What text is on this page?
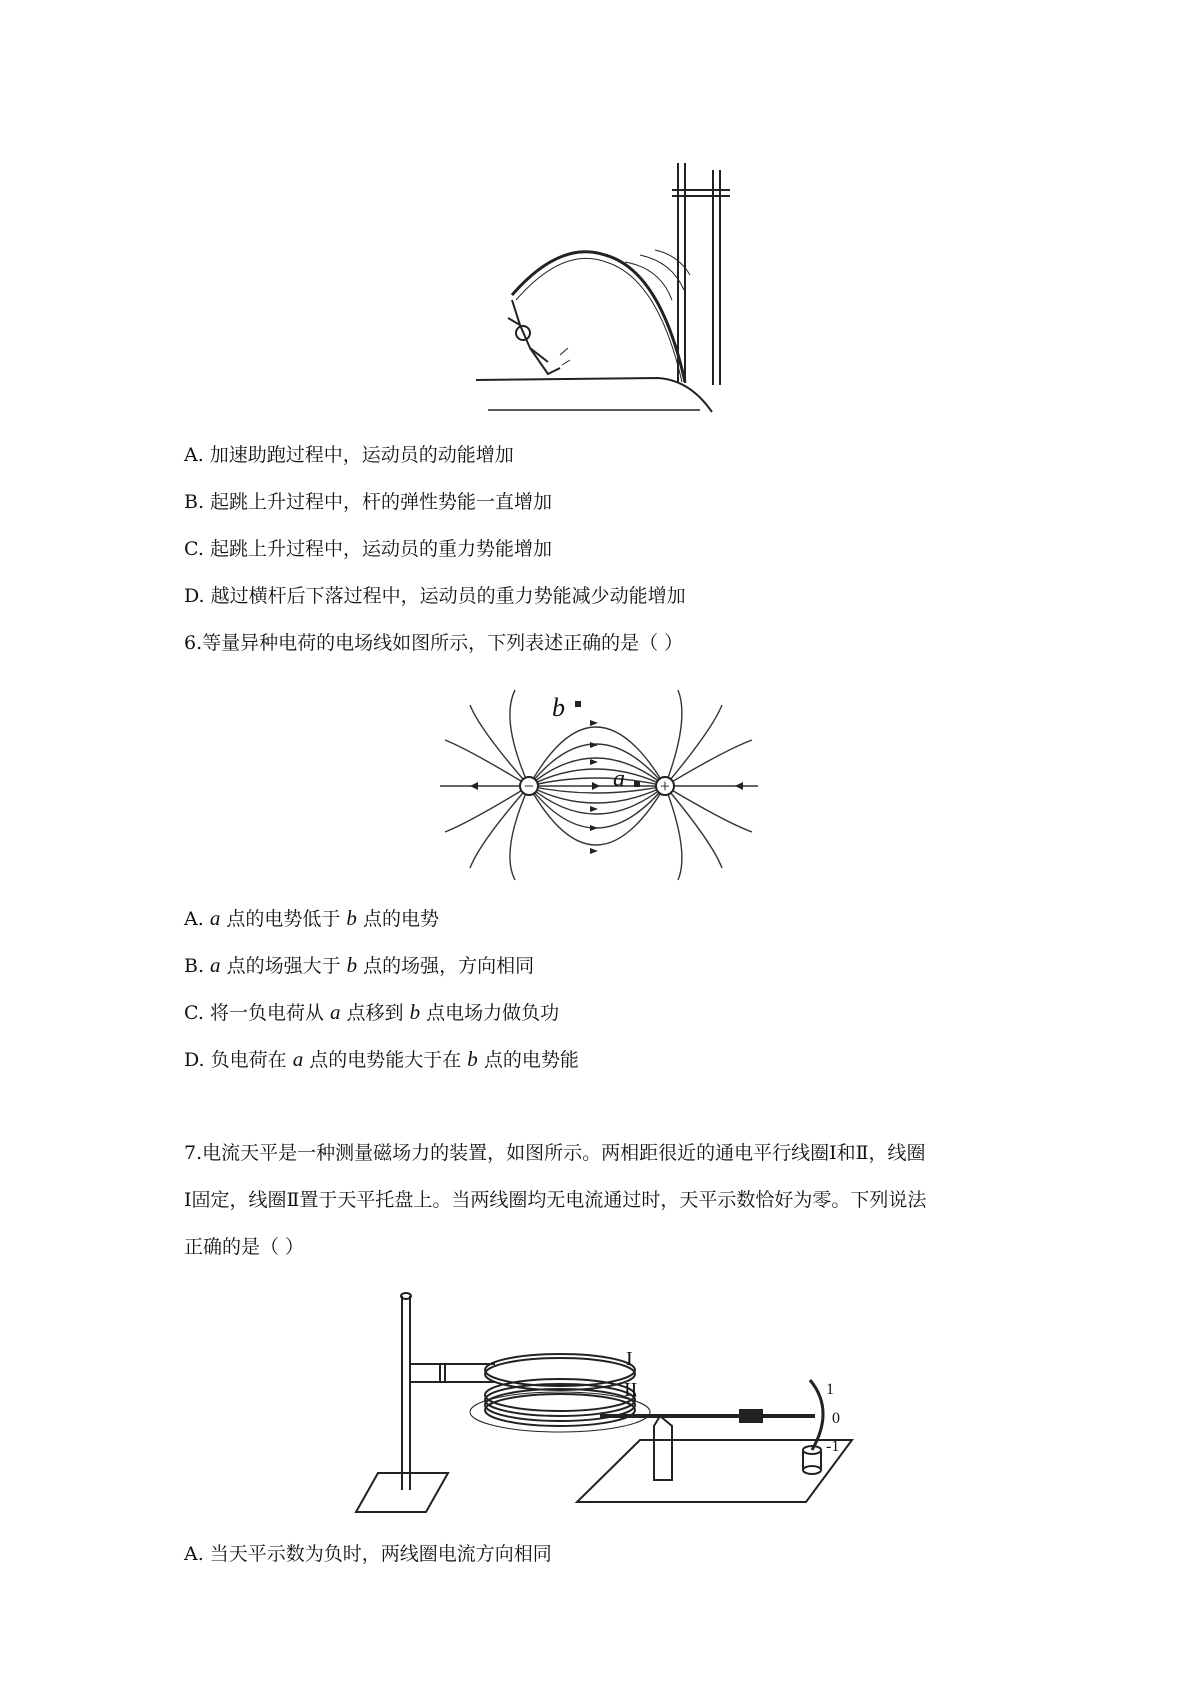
A. 加速助跑过程中，运动员的动能增加
B. 起跳上升过程中，杆的弹性势能一直增加
C. 起跳上升过程中，运动员的重力势能增加
D. 越过横杆后下落过程中，运动员的重力势能减少动能增加
6.等量异种电荷的电场线如图所示，下列表述正确的是（ ）
−	+
b
a
A. a 点的电势低于 b 点的电势
B. a 点的场强大于 b 点的场强，方向相同
C. 将一负电荷从 a 点移到 b 点电场力做负功
D. 负电荷在 a 点的电势能大于在 b 点的电势能
7.电流天平是一种测量磁场力的装置，如图所示。两相距很近的通电平行线圈Ⅰ和Ⅱ，线圈
Ⅰ固定，线圈Ⅱ置于天平托盘上。当两线圈均无电流通过时，天平示数恰好为零。下列说法
正确的是（ ）
I
II	1
0
-1
A. 当天平示数为负时，两线圈电流方向相同
